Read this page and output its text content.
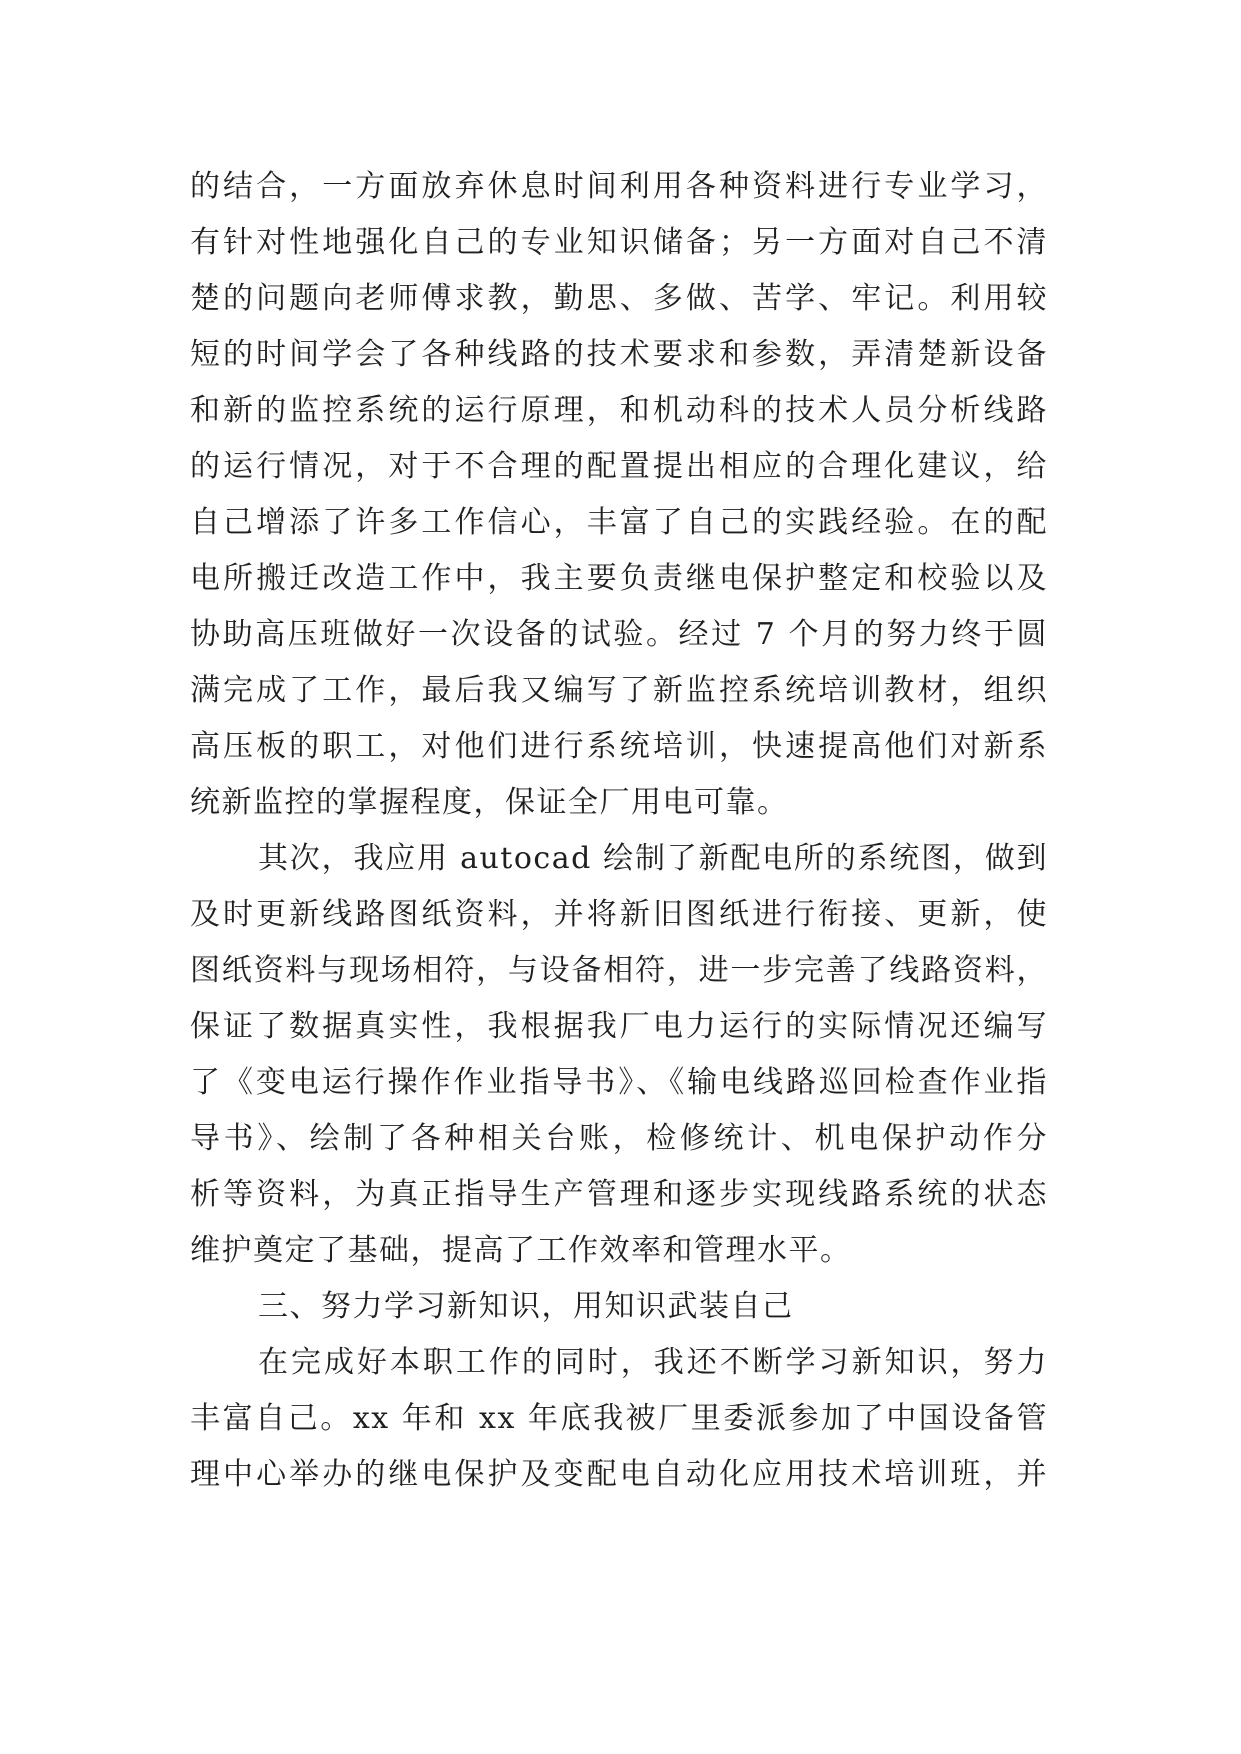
的结合，一方面放弃休息时间利用各种资料进行专业学习，
有针对性地强化自己的专业知识储备；另一方面对自己不清
楚的问题向老师傅求教，勤思、多做、苦学、牢记。利用较
短的时间学会了各种线路的技术要求和参数，弄清楚新设备
和新的监控系统的运行原理，和机动科的技术人员分析线路
的运行情况，对于不合理的配置提出相应的合理化建议，给
自己增添了许多工作信心，丰富了自己的实践经验。在的配
电所搬迁改造工作中，我主要负责继电保护整定和校验以及
协助高压班做好一次设备的试验。经过 7 个月的努力终于圆
满完成了工作，最后我又编写了新监控系统培训教材，组织
高压板的职工，对他们进行系统培训，快速提高他们对新系
统新监控的掌握程度，保证全厂用电可靠。
其次，我应用 autocad 绘制了新配电所的系统图，做到
及时更新线路图纸资料，并将新旧图纸进行衔接、更新，使
图纸资料与现场相符，与设备相符，进一步完善了线路资料，
保证了数据真实性，我根据我厂电力运行的实际情况还编写
了《变电运行操作作业指导书》、《输电线路巡回检查作业指
导书》、绘制了各种相关台账，检修统计、机电保护动作分
析等资料，为真正指导生产管理和逐步实现线路系统的状态
维护奠定了基础，提高了工作效率和管理水平。
三、努力学习新知识，用知识武装自己
在完成好本职工作的同时，我还不断学习新知识，努力
丰富自己。xx 年和 xx 年底我被厂里委派参加了中国设备管
理中心举办的继电保护及变配电自动化应用技术培训班，并
